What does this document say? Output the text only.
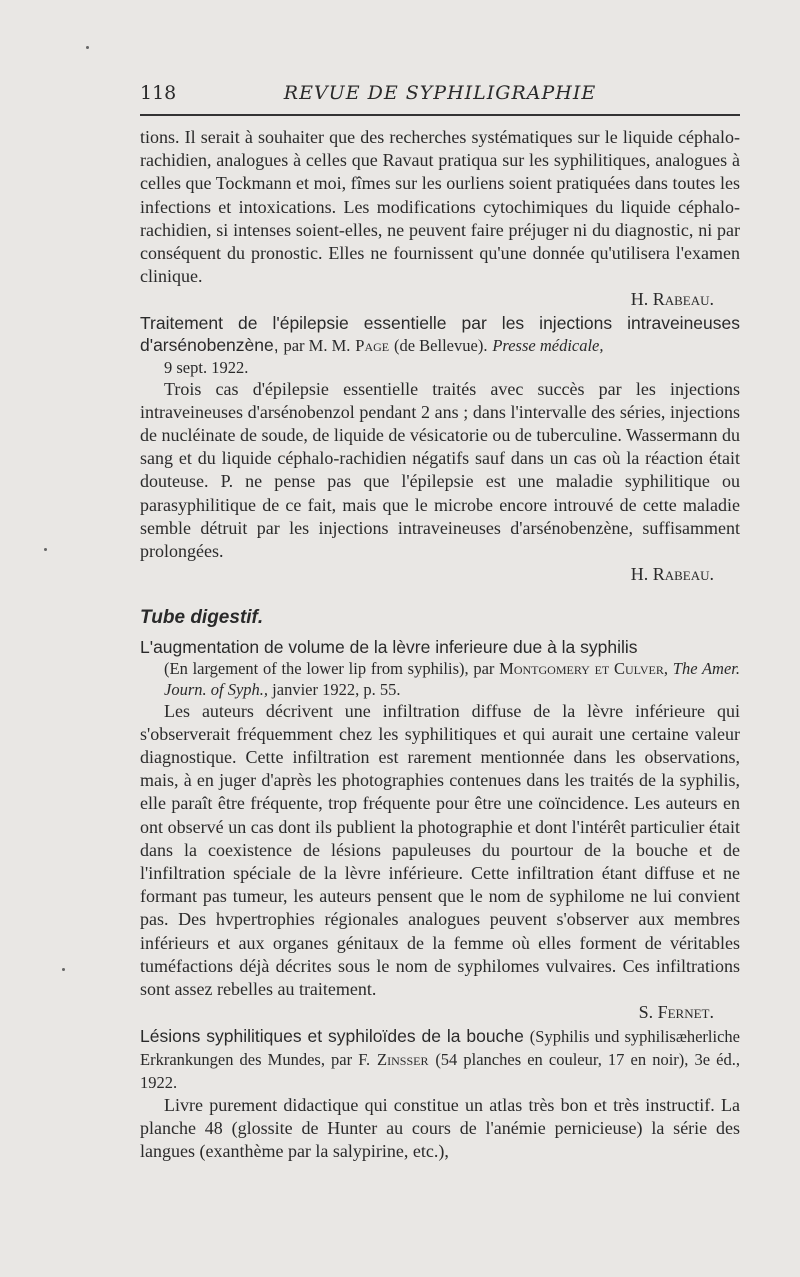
118	REVUE DE SYPHILIGRAPHIE

tions. Il serait à souhaiter que des recherches systématiques sur le liquide céphalo-rachidien, analogues à celles que Ravaut pratiqua sur les syphilitiques, analogues à celles que Tockmann et moi, fîmes sur les ourliens soient pratiquées dans toutes les infections et intoxications. Les modifications cytochimiques du liquide céphalo-rachidien, si intenses soient-elles, ne peuvent faire préjuger ni du diagnostic, ni par conséquent du pronostic. Elles ne fournissent qu'une donnée qu'utilisera l'examen clinique.

H. Rabeau.

Traitement de l'épilepsie essentielle par les injections intraveineuses d'arsénobenzène, par M. M. Page (de Bellevue). Presse médicale,

9 sept. 1922.

Trois cas d'épilepsie essentielle traités avec succès par les injections intraveineuses d'arsénobenzol pendant 2 ans ; dans l'intervalle des séries, injections de nucléinate de soude, de liquide de vésicatorie ou de tuberculine. Wassermann du sang et du liquide céphalo-rachidien négatifs sauf dans un cas où la réaction était douteuse. P. ne pense pas que l'épilepsie est une maladie syphilitique ou parasyphilitique de ce fait, mais que le microbe encore introuvé de cette maladie semble détruit par les injections intraveineuses d'arsénobenzène, suffisamment prolongées.

H. Rabeau.

Tube digestif.

L'augmentation de volume de la lèvre inferieure due à la syphilis

(En largement of the lower lip from syphilis), par Montgomery et Culver, The Amer. Journ. of Syph., janvier 1922, p. 55.

Les auteurs décrivent une infiltration diffuse de la lèvre inférieure qui s'observerait fréquemment chez les syphilitiques et qui aurait une certaine valeur diagnostique. Cette infiltration est rarement mentionnée dans les observations, mais, à en juger d'après les photographies contenues dans les traités de la syphilis, elle paraît être fréquente, trop fréquente pour être une coïncidence. Les auteurs en ont observé un cas dont ils publient la photographie et dont l'intérêt particulier était dans la coexistence de lésions papuleuses du pourtour de la bouche et de l'infiltration spéciale de la lèvre inférieure. Cette infiltration étant diffuse et ne formant pas tumeur, les auteurs pensent que le nom de syphilome ne lui convient pas. Des hvpertrophies régionales analogues peuvent s'observer aux membres inférieurs et aux organes génitaux de la femme où elles forment de véritables tuméfactions déjà décrites sous le nom de syphilomes vulvaires. Ces infiltrations sont assez rebelles au traitement.

S. Fernet.

Lésions syphilitiques et syphiloïdes de la bouche (Syphilis und syphilisæherliche Erkrankungen des Mundes, par F. Zinsser (54 planches en couleur, 17 en noir), 3e éd., 1922.

Livre purement didactique qui constitue un atlas très bon et très instructif. La planche 48 (glossite de Hunter au cours de l'anémie pernicieuse) la série des langues (exanthème par la salypirine, etc.),
